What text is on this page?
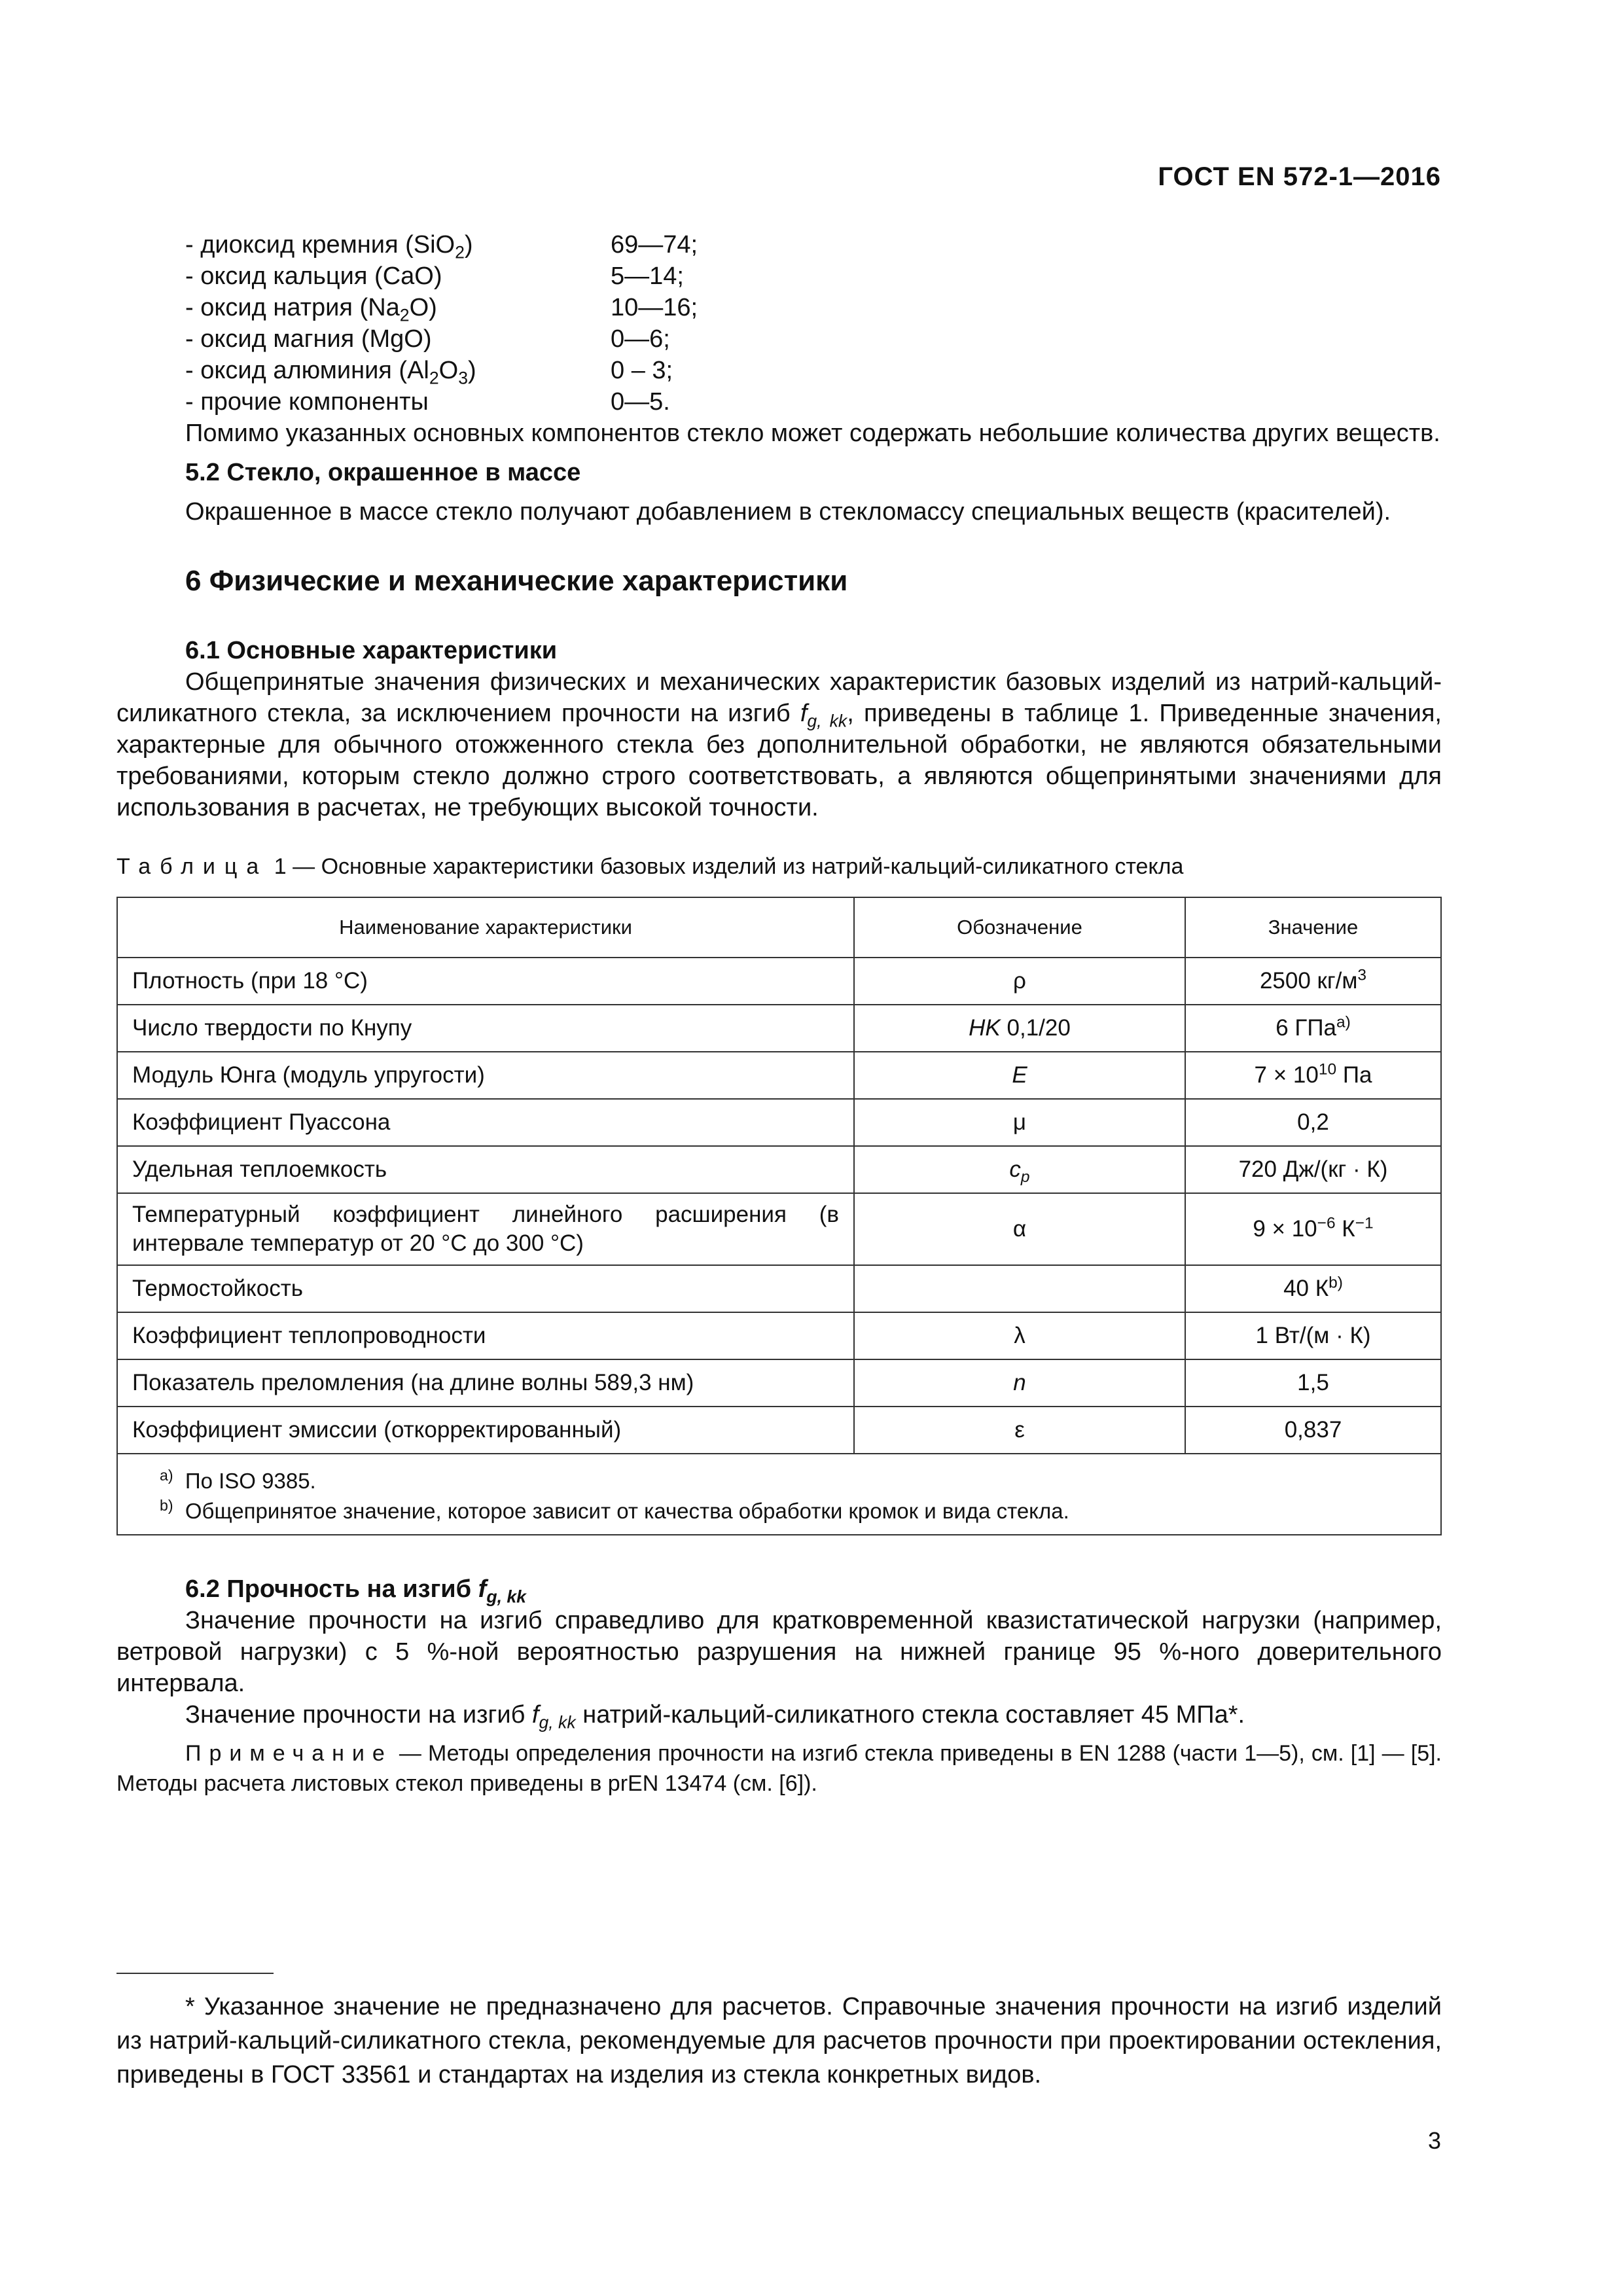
ГОСТ EN 572-1—2016
- диоксид кремния (SiO$_2$)	69—74;
- оксид кальция (CaO)	5—14;
- оксид натрия $(Na_2O)$	10—16;
- оксид магния (MgO)	0—6;
- оксид алюминия $(Al_2O_3)$	0 – 3;
- прочие компоненты	0—5.

Помимо указанных основных компонентов стекло может содержать небольшие количества других веществ.

5.2 Стекло, окрашенное в массе

Окрашенное в массе стекло получают добавлением в стекломассу специальных веществ (красителей).

6 Физические и механические характеристики

6.1 Основные характеристики

Общепринятые значения физических и механических характеристик базовых изделий из натрий-кальций-силикатного стекла, за исключением прочности на изгиб $f_{g, kk}$, приведены в таблице 1. Приведенные значения, характерные для обычного отожженного стекла без дополнительной обработки, не являются обязательными требованиями, которым стекло должно строго соответствовать, а являются общепринятыми значениями для использования в расчетах, не требующих высокой точности.

Таблица 1 — Основные характеристики базовых изделий из натрий-кальций-силикатного стекла

Наименование характеристики	Обозначение	Значение
Плотность (при 18 °C)	ρ	2500 $кг/м^3$
Число твердости по Кнупу	HK 0,1/20	6 ГПа$^{a)}$
Модуль Юнга (модуль упругости)	E	$7 \times 10^{10}$ Па
Коэффициент Пуассона	μ	0,2
Удельная теплоемкость	$c_p$	720 Дж/(кг · К)
Температурный коэффициент линейного расширения (в интервале температур от 20 °С до 300 °С)	α	$9 \times 10^{-6}$ $К^{-1}$
Термостойкость		40 $К^{b)}$
Коэффициент теплопроводности	λ	1 Вт/(м · К)
Показатель преломления (на длине волны 589,3 нм)	n	1,5
Коэффициент эмиссии (откорректированный)	ε	0,837

$^{a)}$ По ISO 9385.
$^{b)}$ Общепринятое значение, которое зависит от качества обработки кромок и вида стекла.		

6.2 Прочность на изгиб $f_{g, kk}$

Значение прочности на изгиб справедливо для кратковременной квазистатической нагрузки (например, ветровой нагрузки) с 5 %-ной вероятностью разрушения на нижней границе 95 %-ного доверительного интервала.

Значение прочности на изгиб $f_{g, kk}$ натрий-кальций-силикатного стекла составляет 45 МПа*.

Примечание — Методы определения прочности на изгиб стекла приведены в EN 1288 (части 1—5), см. [1] — [5]. Методы расчета листовых стекол приведены в prEN 13474 (см. [6]).

* Указанное значение не предназначено для расчетов. Справочные значения прочности на изгиб изделий из натрий-кальций-силикатного стекла, рекомендуемые для расчетов прочности при проектировании остекления, приведены в ГОСТ 33561 и стандартах на изделия из стекла конкретных видов.

3
